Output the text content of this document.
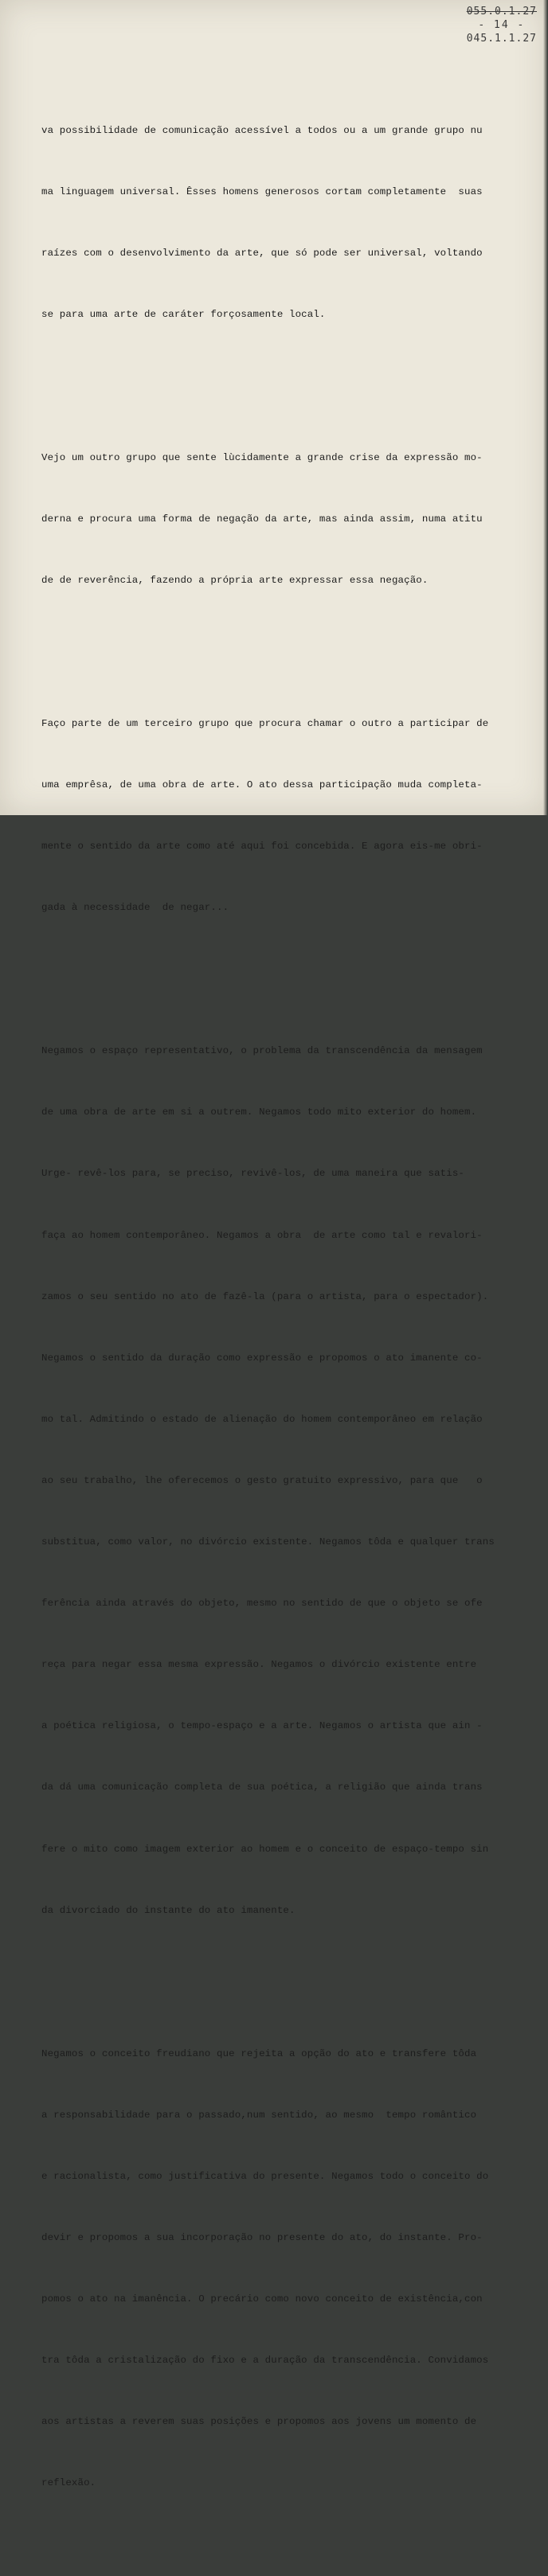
055.0.1.27
- 14 -
045.1.1.27

va possibilidade de comunicação acessível a todos ou a um grande grupo nu

ma linguagem universal. Êsses homens generosos cortam completamente  suas

raízes com o desenvolvimento da arte, que só pode ser universal, voltando

se para uma arte de caráter forçosamente local.

Vejo um outro grupo que sente lùcidamente a grande crise da expressão mo-

derna e procura uma forma de negação da arte, mas ainda assim, numa atitu

de de reverência, fazendo a própria arte expressar essa negação.

Faço parte de um terceiro grupo que procura chamar o outro a participar de

uma emprêsa, de uma obra de arte. O ato dessa participação muda completa-

mente o sentido da arte como até aqui foi concebida. E agora eis-me obri-

gada à necessidade  de negar...

Negamos o espaço representativo, o problema da transcendência da mensagem

de uma obra de arte em si a outrem. Negamos todo mito exterior do homem.

Urge- revê-los para, se preciso, revivê-los, de uma maneira que satis-

faça ao homem contemporâneo. Negamos a obra  de arte como tal e revalori-

zamos o seu sentido no ato de fazê-la (para o artista, para o espectador).

Negamos o sentido da duração como expressão e propomos o ato imanente co-

mo tal. Admitindo o estado de alienação do homem contemporâneo em relação

ao seu trabalho, lhe oferecemos o gesto gratuito expressivo, para que   o

substitua, como valor, no divórcio existente. Negamos tôda e qualquer trans

ferência ainda através do objeto, mesmo no sentido de que o objeto se ofe

reça para negar essa mesma expressão. Negamos o divórcio existente entre

a poética religiosa, o tempo-espaço e a arte. Negamos o artista que ain -

da dá uma comunicação completa de sua poética, a religião que ainda trans

fere o mito como imagem exterior ao homem e o conceito de espaço-tempo sin

da divorciado do instante do ato imanente.

Negamos o conceito freudiano que rejeita a opção do ato e transfere tôda

a responsabilidade para o passado,num sentido, ao mesmo  tempo romântico

e racionalista, como justificativa do presente. Negamos todo o conceito do

devir e propomos a sua incorporação no presente do ato, do instante. Pro-

pomos o ato na imanência. O precário como novo conceito de existência,con

tra tôda a cristalização do fixo e a duração da transcendência. Convidamos

aos artistas a reverem suas posições e propomos aos jovens um momento de

reflexão.
